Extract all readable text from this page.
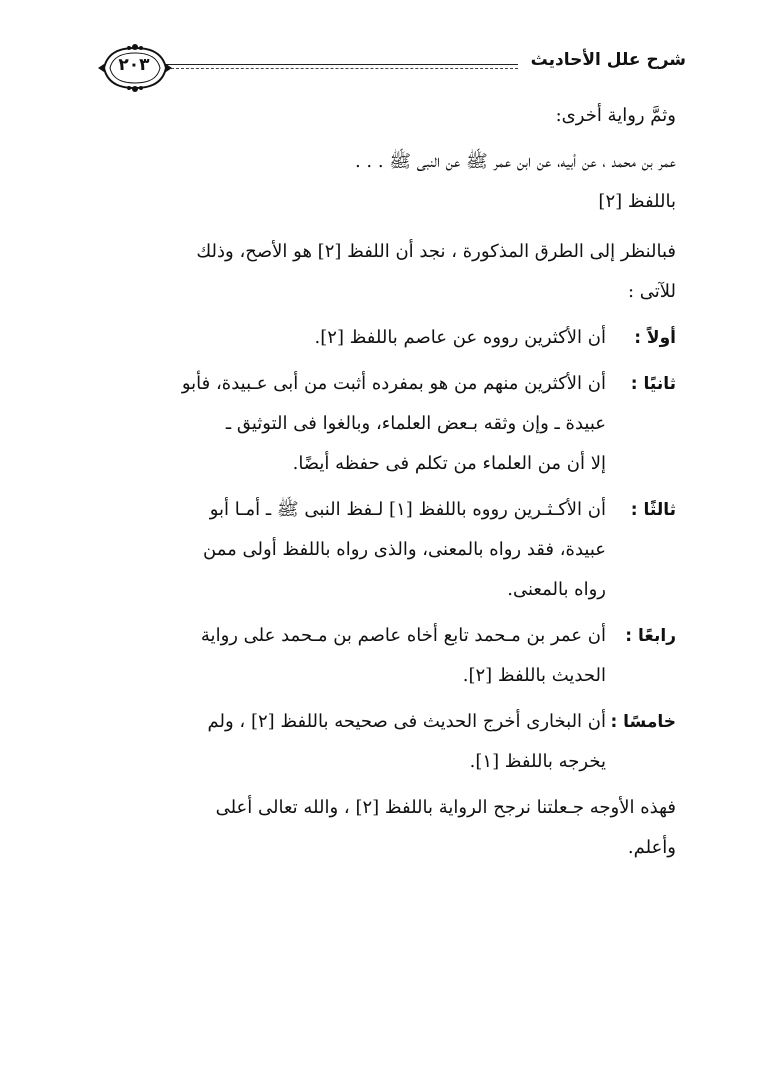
شرح علل الأحاديث
٢٠٣

وثمَّ رواية أخرى:

عمر بن محمد ، عن أبيه، عن ابن عمر ﷺ عن النبى ﷺ . . .
باللفظ [٢]

فبالنظر إلى الطرق المذكورة ، نجد أن اللفظ [٢] هو الأصح، وذلك
للآتى :

أولاً :
أن الأكثرين رووه عن عاصم باللفظ [٢].
ثانيًا :
أن الأكثرين منهم من هو بمفرده أثبت من أبى عـبيدة، فأبو
عبيدة ـ وإن وثقه بـعض العلماء، وبالغوا فى التوثيق ـ
إلا أن من العلماء من تكلم فى حفظه أيضًا.
ثالثًا :
أن الأكـثـرين رووه باللفظ [١] لـفظ النبى ﷺ ـ أمـا أبو
عبيدة، فقد رواه بالمعنى، والذى رواه باللفظ أولى ممن
رواه بالمعنى.
رابعًا :
أن عمر بن مـحمد تابع أخاه عاصم بن مـحمد على رواية
الحديث باللفظ [٢].
خامسًا :
أن البخارى أخرج الحديث فى صحيحه باللفظ [٢] ، ولم
يخرجه باللفظ [١].

فهذه الأوجه جـعلتنا نرجح الرواية باللفظ [٢] ، والله تعالى أعلى
وأعلم.
